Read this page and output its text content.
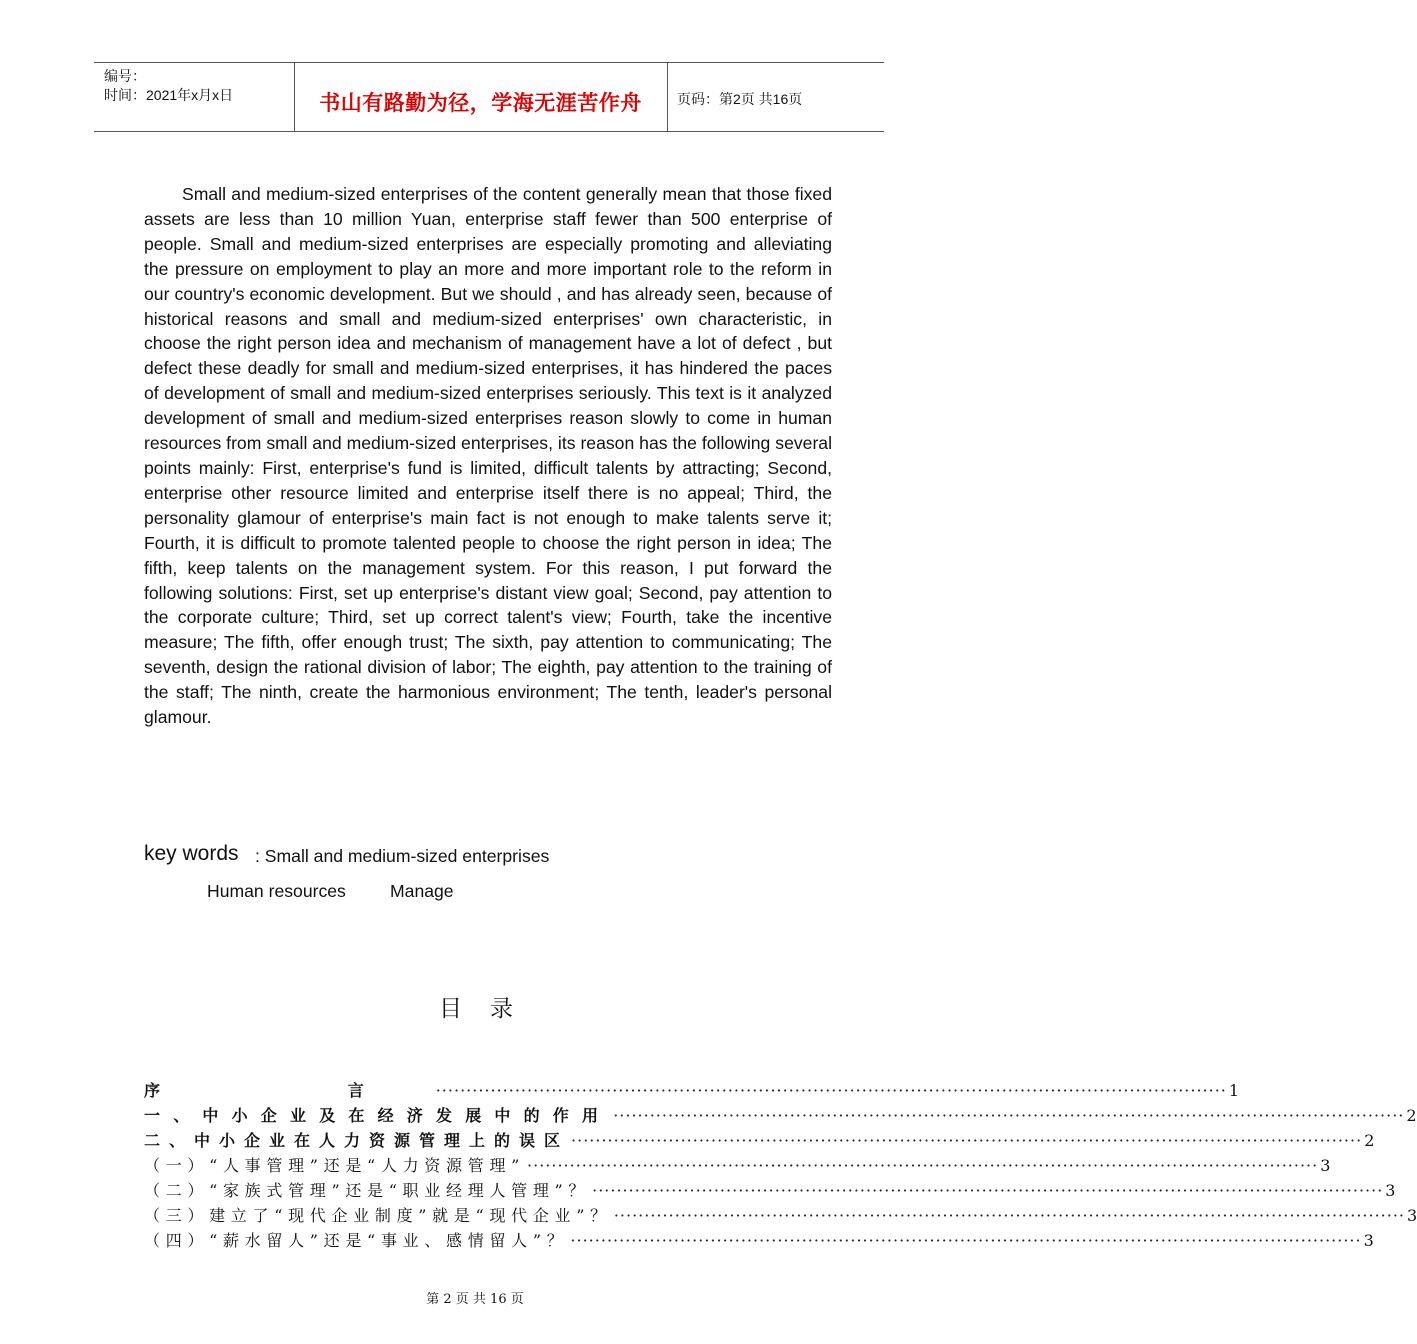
编号：
时间：2021年x月x日	书山有路勤为径，学海无涯苦作舟	页码：第2页 共16页

Small and medium-sized enterprises of the content generally mean that those fixed assets are less than 10 million Yuan, enterprise staff fewer than 500 enterprise of people. Small and medium-sized enterprises are especially promoting and alleviating the pressure on employment to play an more and more important role to the reform in our country's economic development. But we should , and has already seen, because of historical reasons and small and medium-sized enterprises' own characteristic, in choose the right person idea and mechanism of management have a lot of defect , but defect these deadly for small and medium-sized enterprises, it has hindered the paces of development of small and medium-sized enterprises seriously. This text is it analyzed development of small and medium-sized enterprises reason slowly to come in human resources from small and medium-sized enterprises, its reason has the following several points mainly: First, enterprise's fund is limited, difficult talents by attracting; Second, enterprise other resource limited and enterprise itself there is no appeal; Third, the personality glamour of enterprise's main fact is not enough to make talents serve it; Fourth, it is difficult to promote talented people to choose the right person in idea; The fifth, keep talents on the management system. For this reason, I put forward the following solutions: First, set up enterprise's distant view goal; Second, pay attention to the corporate culture; Third, set up correct talent's view; Fourth, take the incentive measure; The fifth, offer enough trust; The sixth, pay attention to communicating; The seventh, design the rational division of labor; The eighth, pay attention to the training of the staff; The ninth, create the harmonious environment; The tenth, leader's personal glamour.

key words : Small and medium-sized enterprises
Human resources	Manage
目录
序          言	·································································································································· 1
一、中小企业及在经济发展中的作用 ·································································································································· 2
二、中小企业在人力资源管理上的误区 ·································································································································· 2
（一）“人事管理”还是“人力资源管理” ·································································································································· 3
（二）“家族式管理”还是“职业经理人管理”？ ·································································································································· 3
（三）建立了“现代企业制度”就是“现代企业”？ ·································································································································· 3
（四）“薪水留人”还是“事业、感情留人”？ ·································································································································· 3
第 2 页 共 16 页
